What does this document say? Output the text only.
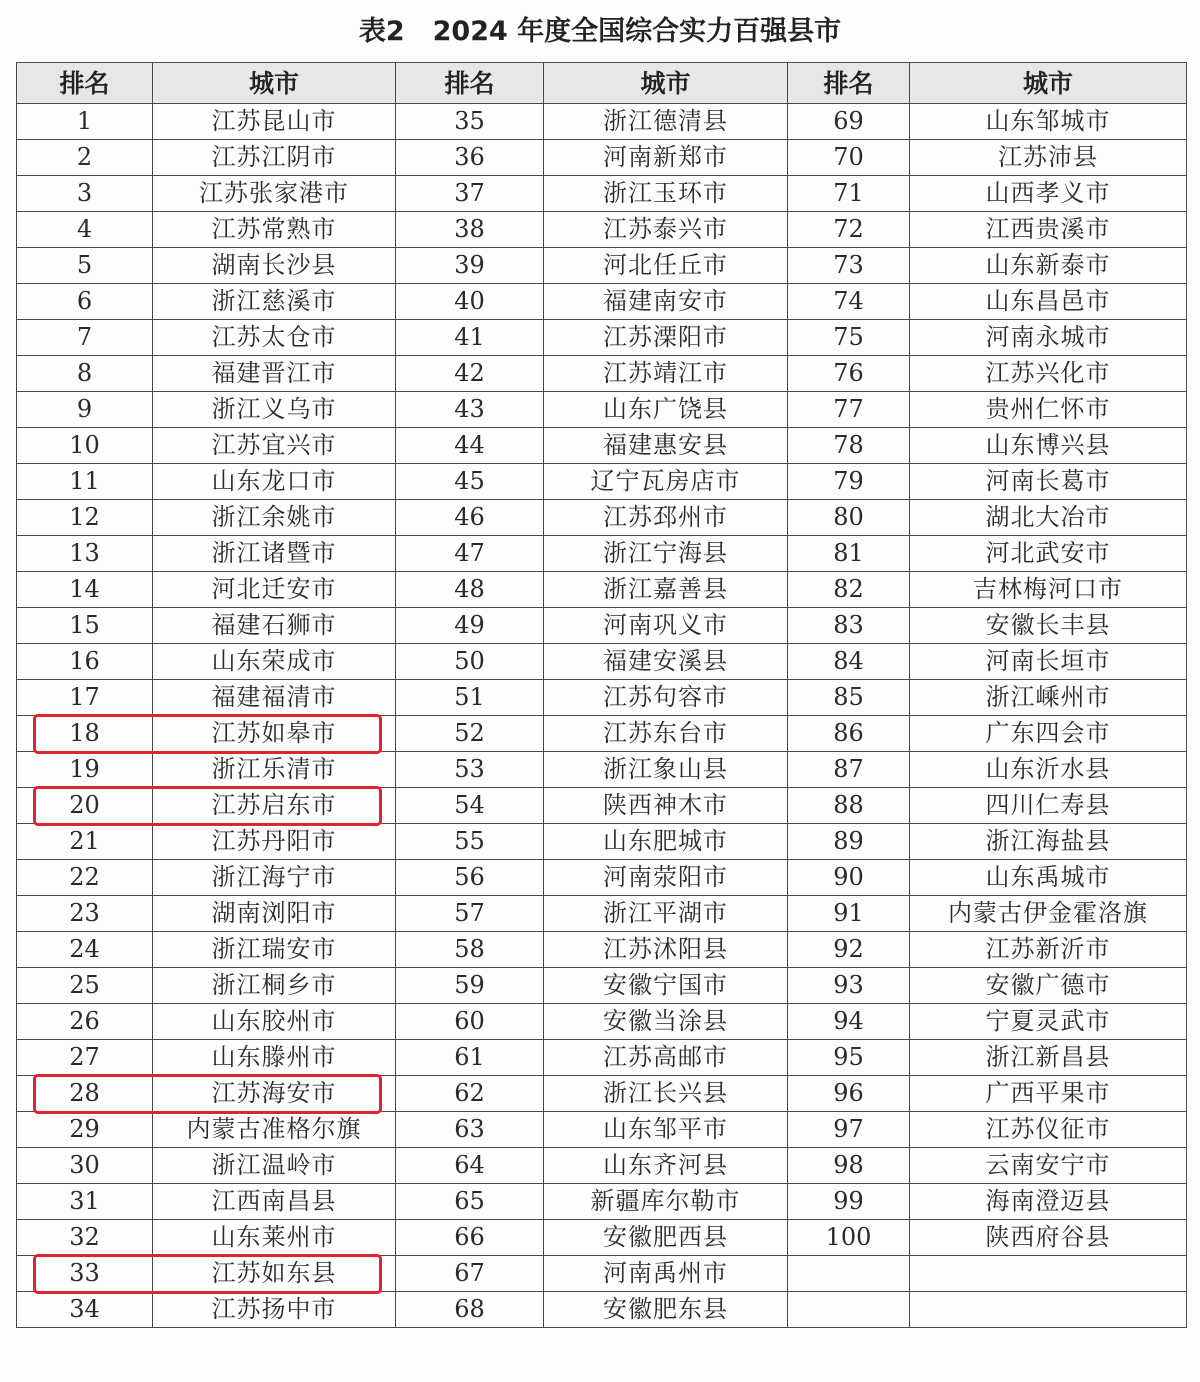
表2 2024 年度全国综合实力百强县市
排名	城市	排名	城市	排名	城市
1	江苏昆山市	35	浙江德清县	69	山东邹城市
2	江苏江阴市	36	河南新郑市	70	江苏沛县
3	江苏张家港市	37	浙江玉环市	71	山西孝义市
4	江苏常熟市	38	江苏泰兴市	72	江西贵溪市
5	湖南长沙县	39	河北任丘市	73	山东新泰市
6	浙江慈溪市	40	福建南安市	74	山东昌邑市
7	江苏太仓市	41	江苏溧阳市	75	河南永城市
8	福建晋江市	42	江苏靖江市	76	江苏兴化市
9	浙江义乌市	43	山东广饶县	77	贵州仁怀市
10	江苏宜兴市	44	福建惠安县	78	山东博兴县
11	山东龙口市	45	辽宁瓦房店市	79	河南长葛市
12	浙江余姚市	46	江苏邳州市	80	湖北大冶市
13	浙江诸暨市	47	浙江宁海县	81	河北武安市
14	河北迁安市	48	浙江嘉善县	82	吉林梅河口市
15	福建石狮市	49	河南巩义市	83	安徽长丰县
16	山东荣成市	50	福建安溪县	84	河南长垣市
17	福建福清市	51	江苏句容市	85	浙江嵊州市
18	江苏如皋市	52	江苏东台市	86	广东四会市
19	浙江乐清市	53	浙江象山县	87	山东沂水县
20	江苏启东市	54	陕西神木市	88	四川仁寿县
21	江苏丹阳市	55	山东肥城市	89	浙江海盐县
22	浙江海宁市	56	河南荥阳市	90	山东禹城市
23	湖南浏阳市	57	浙江平湖市	91	内蒙古伊金霍洛旗
24	浙江瑞安市	58	江苏沭阳县	92	江苏新沂市
25	浙江桐乡市	59	安徽宁国市	93	安徽广德市
26	山东胶州市	60	安徽当涂县	94	宁夏灵武市
27	山东滕州市	61	江苏高邮市	95	浙江新昌县
28	江苏海安市	62	浙江长兴县	96	广西平果市
29	内蒙古准格尔旗	63	山东邹平市	97	江苏仪征市
30	浙江温岭市	64	山东齐河县	98	云南安宁市
31	江西南昌县	65	新疆库尔勒市	99	海南澄迈县
32	山东莱州市	66	安徽肥西县	100	陕西府谷县
33	江苏如东县	67	河南禹州市		
34	江苏扬中市	68	安徽肥东县		
